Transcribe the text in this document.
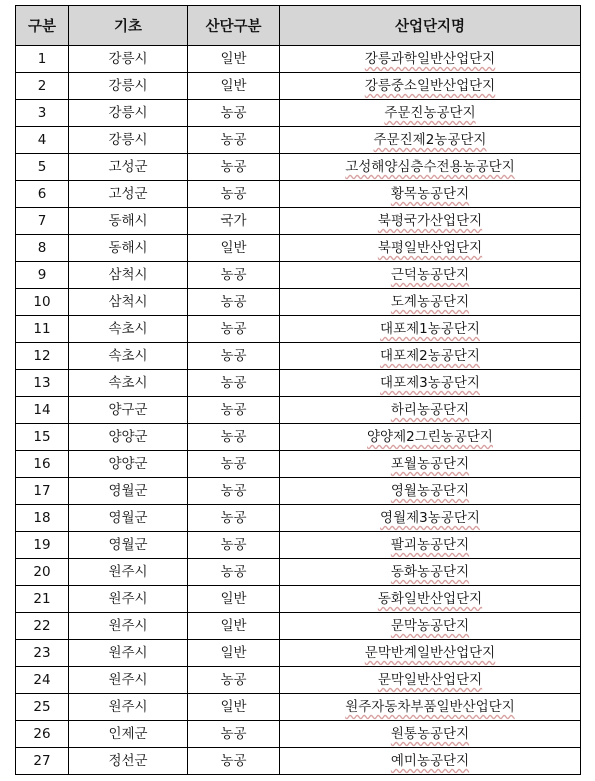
구분	기초	산단구분	산업단지명
1	강릉시	일반	강릉과학일반산업단지
2	강릉시	일반	강릉중소일반산업단지
3	강릉시	농공	주문진농공단지
4	강릉시	농공	주문진제2농공단지
5	고성군	농공	고성해양심층수전용농공단지
6	고성군	농공	황목농공단지
7	동해시	국가	북평국가산업단지
8	동해시	일반	북평일반산업단지
9	삼척시	농공	근덕농공단지
10	삼척시	농공	도계농공단지
11	속초시	농공	대포제1농공단지
12	속초시	농공	대포제2농공단지
13	속초시	농공	대포제3농공단지
14	양구군	농공	하리농공단지
15	양양군	농공	양양제2그린농공단지
16	양양군	농공	포월농공단지
17	영월군	농공	영월농공단지
18	영월군	농공	영월제3농공단지
19	영월군	농공	팔괴농공단지
20	원주시	농공	동화농공단지
21	원주시	일반	동화일반산업단지
22	원주시	일반	문막농공단지
23	원주시	일반	문막반계일반산업단지
24	원주시	농공	문막일반산업단지
25	원주시	일반	원주자동차부품일반산업단지
26	인제군	농공	원통농공단지
27	정선군	농공	예미농공단지
